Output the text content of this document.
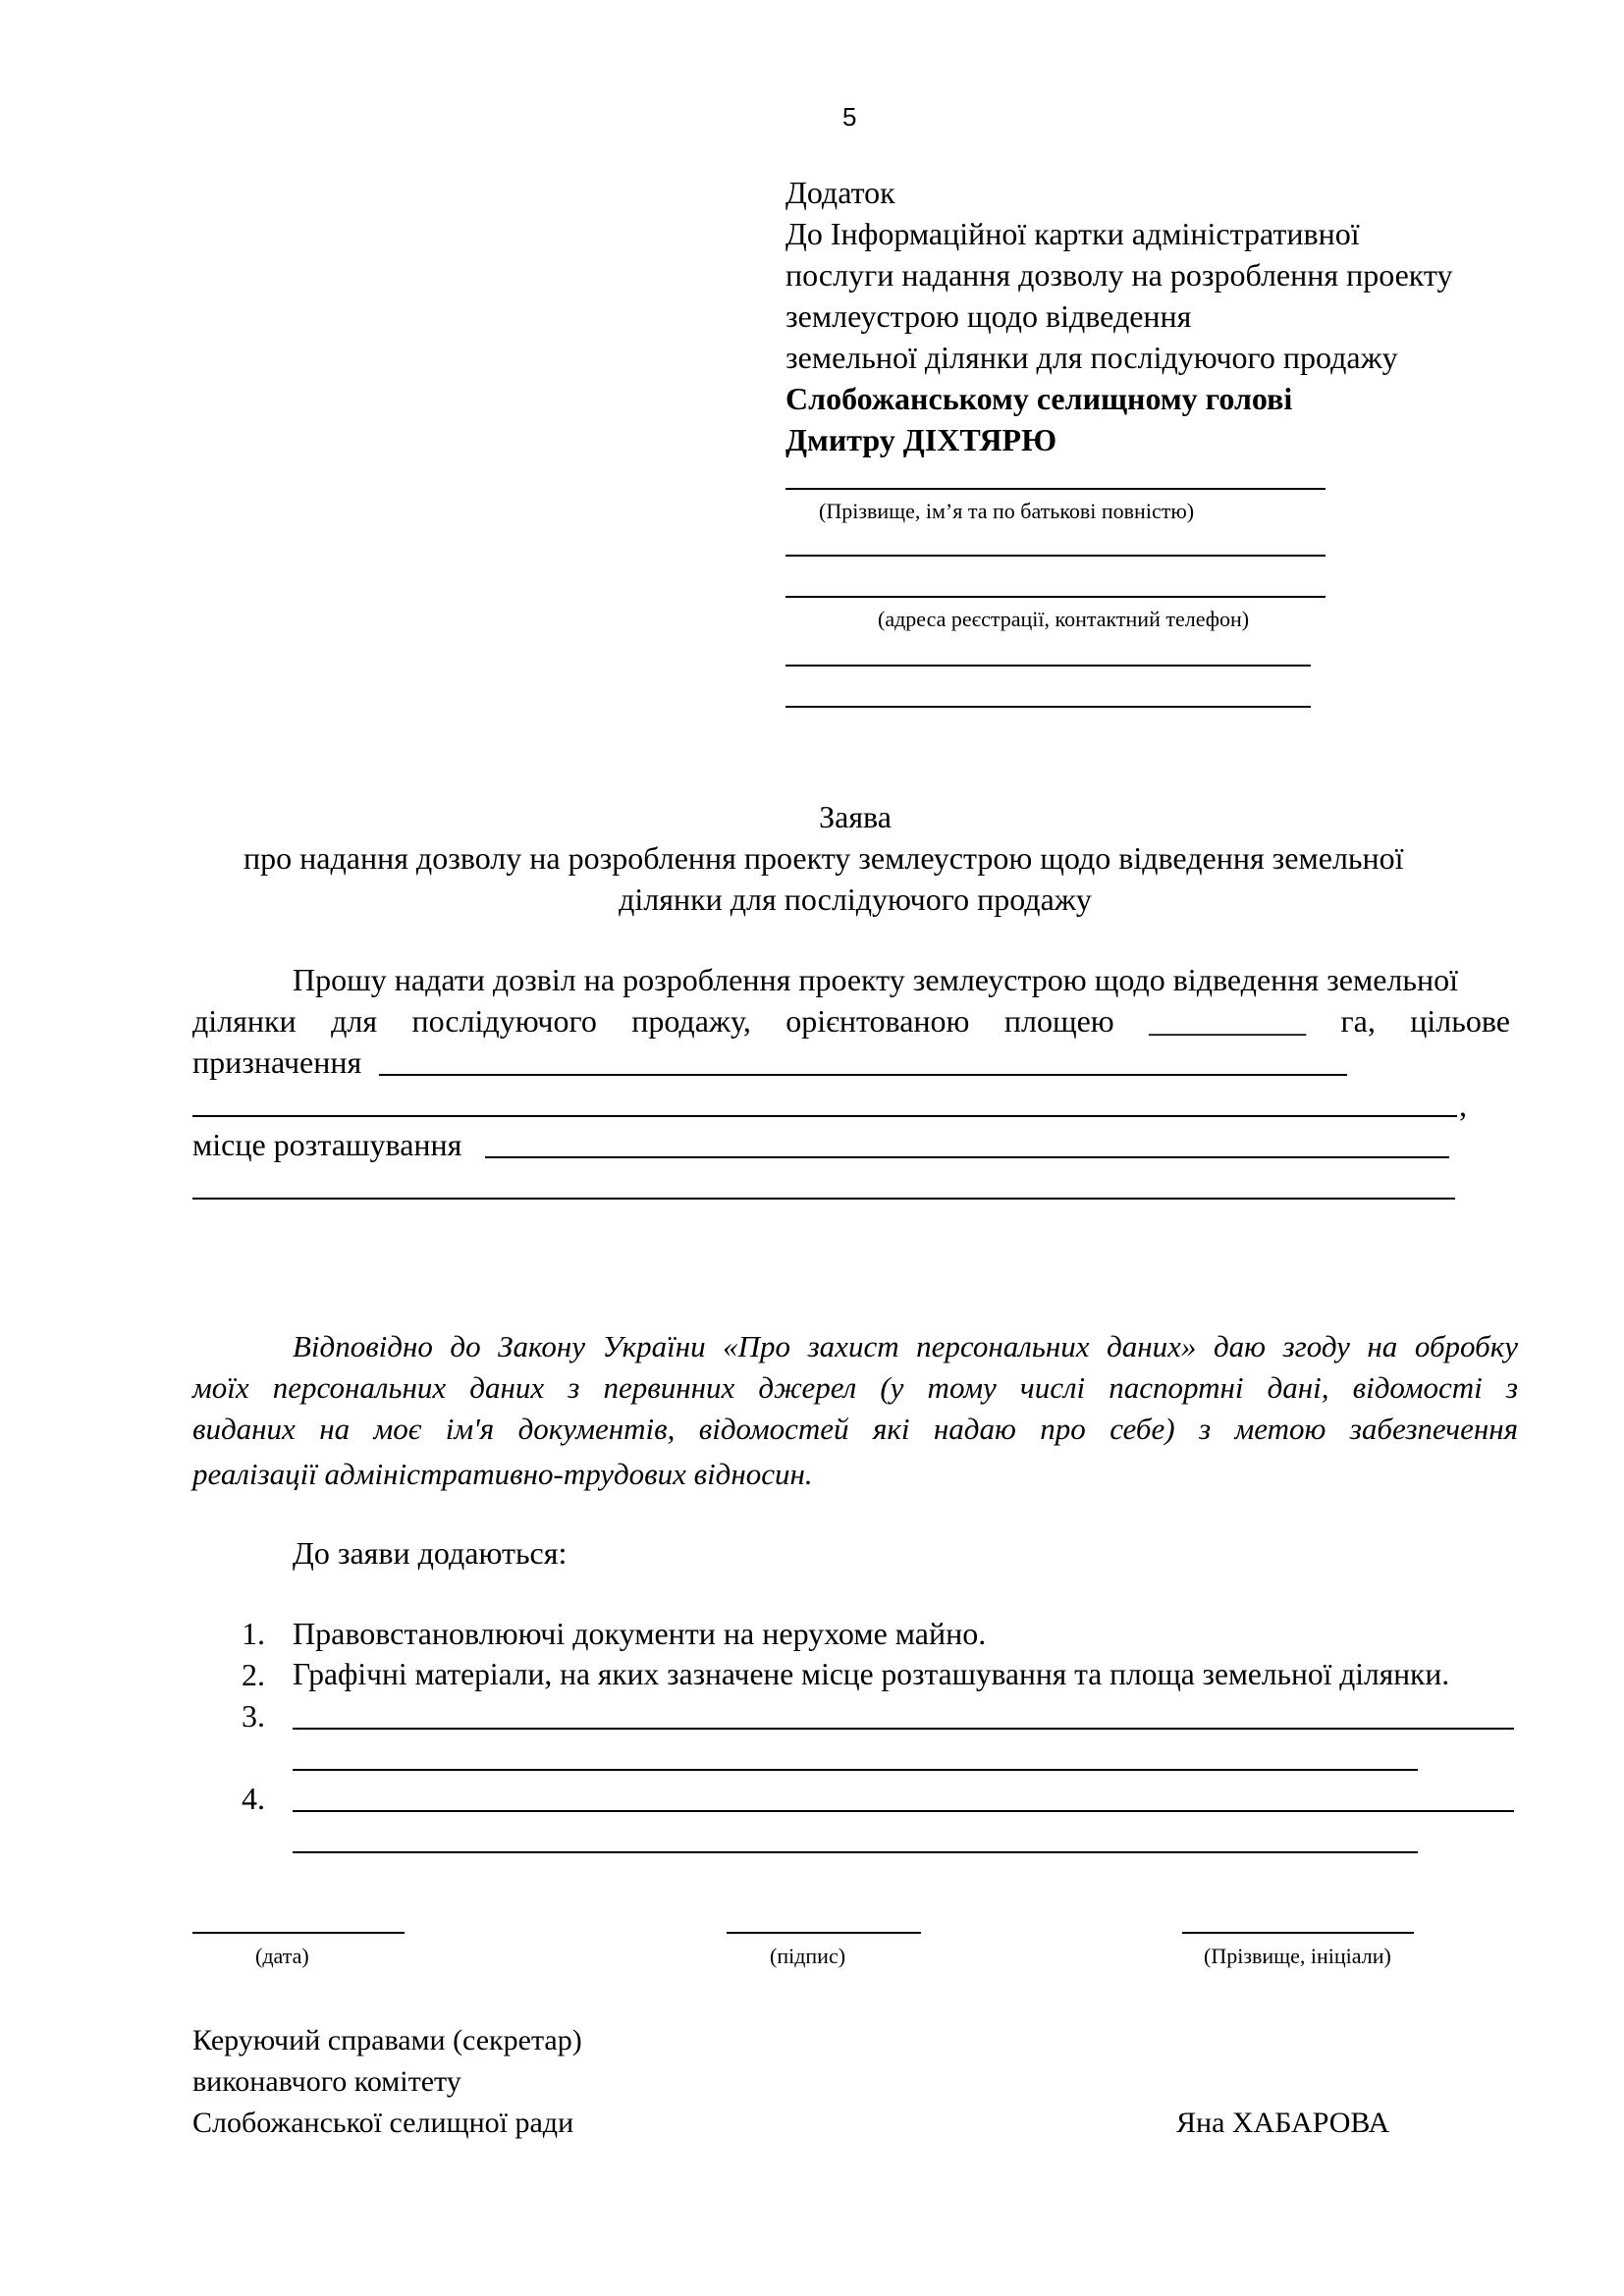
5
Додаток
До Інформаційної картки адміністративної
послуги надання дозволу на розроблення проекту
землеустрою щодо відведення
земельної ділянки для послідуючого продажу
Слобожанському селищному голові
Дмитру ДІХТЯРЮ
(Прізвище, ім’я та по батькові повністю)
(адреса реєстрації, контактний телефон)
Заява
про надання дозволу на розроблення проекту землеустрою щодо відведення земельної
ділянки для послідуючого продажу
Прошу надати дозвіл на розроблення проекту землеустрою щодо відведення земельної
ділянки для послідуючого продажу, орієнтованою площею __________ га, цільове
призначення
,
місце розташування
Відповідно до Закону України «Про захист персональних даних» даю згоду на обробку
моїх персональних даних з первинних джерел (у тому числі паспортні дані, відомості з
виданих на моє ім'я документів, відомостей які надаю про себе) з метою забезпечення
реалізації адміністративно-трудових відносин.
До заяви додаються:
1. Правовстановлюючі документи на нерухоме майно.
2. Графічні матеріали, на яких зазначене місце розташування та площа земельної ділянки.
3.
4.
(дата)	(підпис)	(Прізвище, ініціали)
Керуючий справами (секретар)
виконавчого комітету
Слобожанської селищної ради	Яна ХАБАРОВА
